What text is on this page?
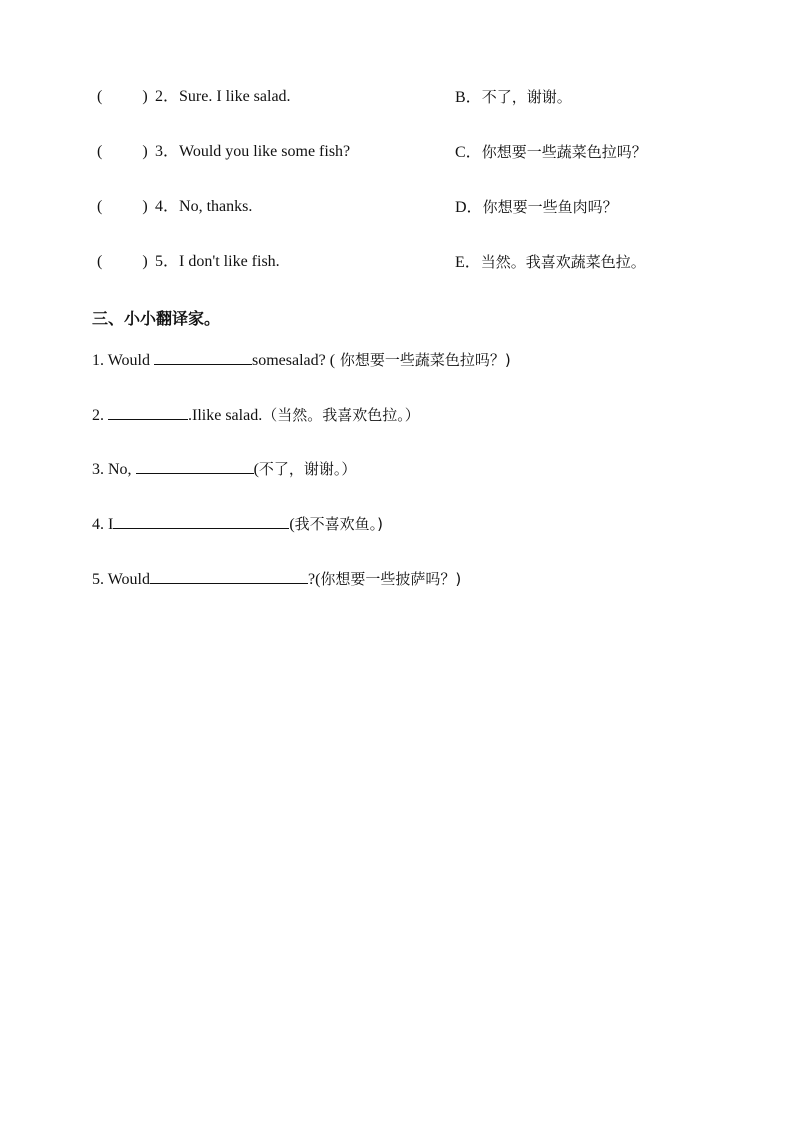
(	) 2．Sure. I like salad.	B．不了，谢谢。
(	) 3．Would you like some fish?	C．你想要一些蔬菜色拉吗？
(	) 4．No, thanks.	D．你想要一些鱼肉吗？
(	) 5．I don't like fish.	E．当然。我喜欢蔬菜色拉。
三、小小翻译家。
1. Would	somesalad? ( 你想要一些蔬菜色拉吗？)
2.	.Ilike salad.（当然。我喜欢色拉。）
3. No,	(不了，谢谢。）
4. I	(我不喜欢鱼。)
5. Would	?(你想要一些披萨吗？)
